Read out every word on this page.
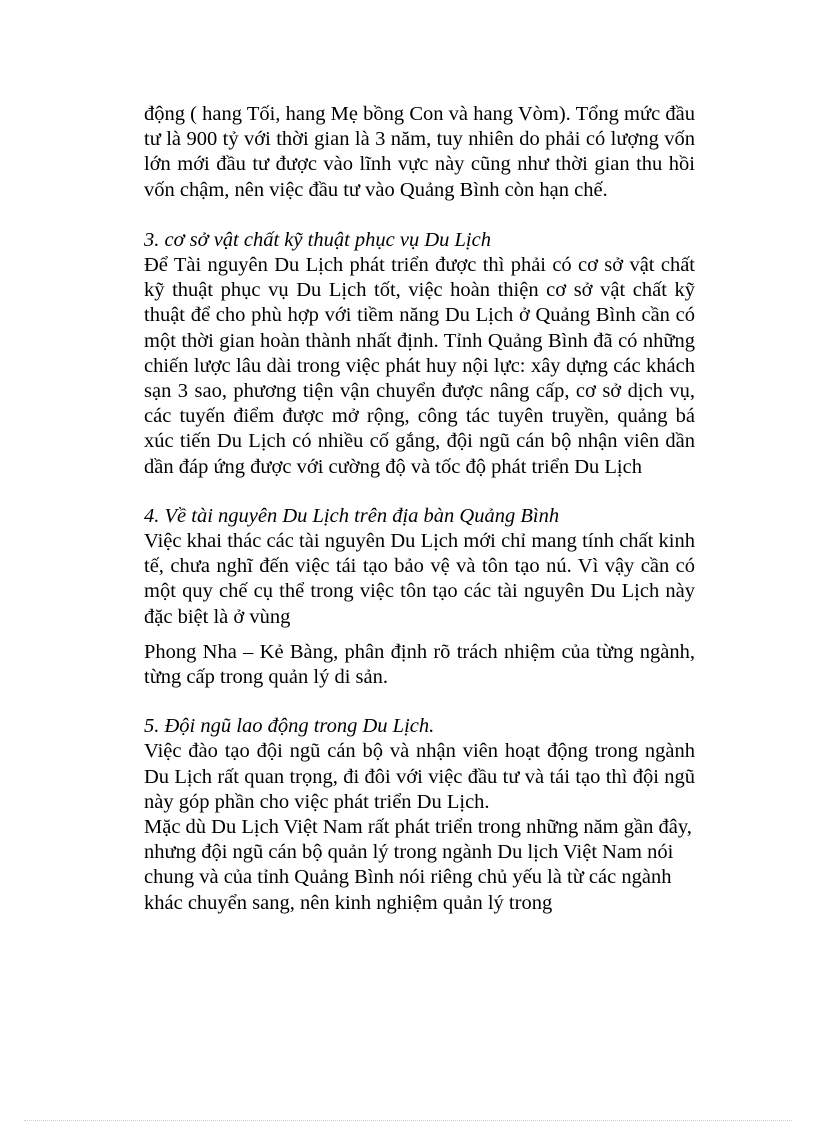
động ( hang Tối, hang Mẹ bồng Con và hang Vòm). Tổng mức đầu tư là 900 tỷ với thời gian là 3 năm, tuy nhiên do phải có lượng vốn lớn mới đầu tư được vào lĩnh vực này cũng như thời gian thu hồi vốn chậm, nên việc đầu tư vào Quảng Bình còn hạn chế.

3. cơ sở vật chất kỹ thuật phục vụ Du Lịch

Để Tài nguyên Du Lịch phát triển được thì phải có cơ sở vật chất kỹ thuật phục vụ Du Lịch tốt, việc hoàn thiện cơ sở vật chất kỹ thuật để cho phù hợp với tiềm năng Du Lịch ở Quảng Bình cần có một thời gian hoàn thành nhất định. Tỉnh Quảng Bình đã có những chiến lược lâu dài trong việc phát huy nội lực: xây dựng các khách sạn 3 sao, phương tiện vận chuyển được nâng cấp, cơ sở dịch vụ, các tuyến điểm được mở rộng, công tác tuyên truyền, quảng bá xúc tiến Du Lịch có nhiều cố gắng, đội ngũ cán bộ nhận viên dần dần đáp ứng được với cường độ và tốc độ phát triển Du Lịch

4. Về tài nguyên Du Lịch trên địa bàn Quảng Bình

Việc khai thác các tài nguyên Du Lịch mới chỉ mang tính chất kinh tế, chưa nghĩ đến việc tái tạo bảo vệ và tôn tạo nú. Vì vậy cần có một quy chế cụ thể trong việc tôn tạo các tài nguyên Du Lịch này đặc biệt là ở vùng

Phong Nha – Kẻ Bàng, phân định rõ trách nhiệm của từng ngành, từng cấp trong quản lý di sản.

5. Đội ngũ lao động trong Du Lịch.

Việc đào tạo đội ngũ cán bộ và nhận viên hoạt động trong ngành Du Lịch rất quan trọng, đi đôi với việc đầu tư và tái tạo thì đội ngũ này góp phần cho việc phát triển Du Lịch.

Mặc dù Du Lịch Việt Nam rất phát triển trong những năm gần đây, nhưng đội ngũ cán bộ quản lý trong ngành Du lịch Việt Nam nói chung và của tỉnh Quảng Bình nói riêng chủ yếu là từ các ngành khác chuyển sang, nên kinh nghiệm quản lý trong
